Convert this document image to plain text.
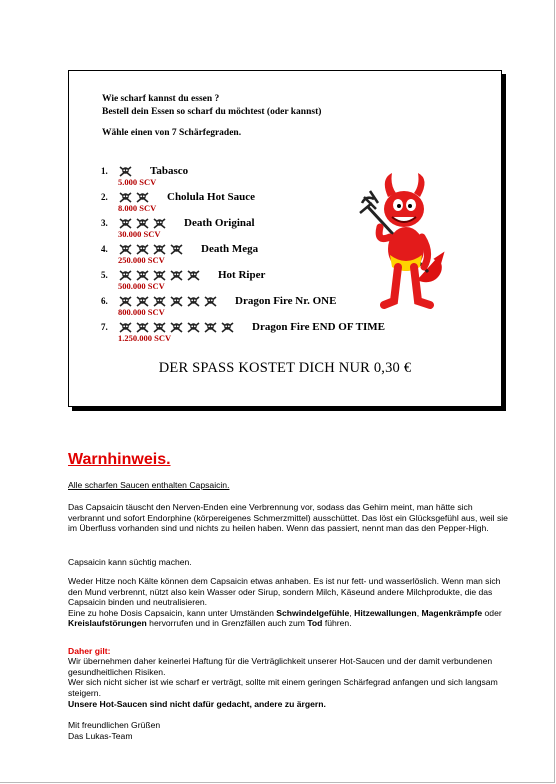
Wie scharf kannst du essen ?
Bestell dein Essen so scharf du möchtest (oder kannst)
Wähle einen von 7 Schärfegraden.
1.	Tabasco
5.000 SCV
2.	Cholula Hot Sauce
8.000 SCV
3.	Death Original
30.000 SCV
4.	Death Mega
250.000 SCV
5.	Hot Riper
500.000 SCV
6.	Dragon Fire Nr. ONE
800.000 SCV
7.	Dragon Fire END OF TIME
1.250.000 SCV
DER SPASS KOSTET DICH NUR 0,30 €
Warnhinweis.
Alle scharfen Saucen enthalten Capsaicin.
Das Capsaicin täuscht den Nerven-Enden eine Verbrennung vor, sodass das Gehirn meint, man hätte sich verbrannt und sofort Endorphine (körpereigenes Schmerzmittel) ausschüttet. Das löst ein Glücksgefühl aus, weil sie im Überfluss vorhanden sind und nichts zu heilen haben. Wenn das passiert, nennt man das den Pepper-High.
Capsaicin kann süchtig machen.
Weder Hitze noch Kälte können dem Capsaicin etwas anhaben. Es ist nur fett- und wasserlöslich. Wenn man sich den Mund verbrennt, nützt also kein Wasser oder Sirup, sondern Milch, Käseund andere Milchprodukte, die das Capsaicin binden und neutralisieren.
Eine zu hohe Dosis Capsaicin, kann unter Umständen Schwindelgefühle, Hitzewallungen, Magenkrämpfe oder Kreislaufstörungen hervorrufen und in Grenzfällen auch zum Tod führen.
Daher gilt:
Wir übernehmen daher keinerlei Haftung für die Verträglichkeit unserer Hot-Saucen und der damit verbundenen gesundheitlichen Risiken.
Wer sich nicht sicher ist wie scharf er verträgt, sollte mit einem geringen Schärfegrad anfangen und sich langsam steigern.
Unsere Hot-Saucen sind nicht dafür gedacht, andere zu ärgern.
Mit freundlichen Grüßen
Das Lukas-Team
